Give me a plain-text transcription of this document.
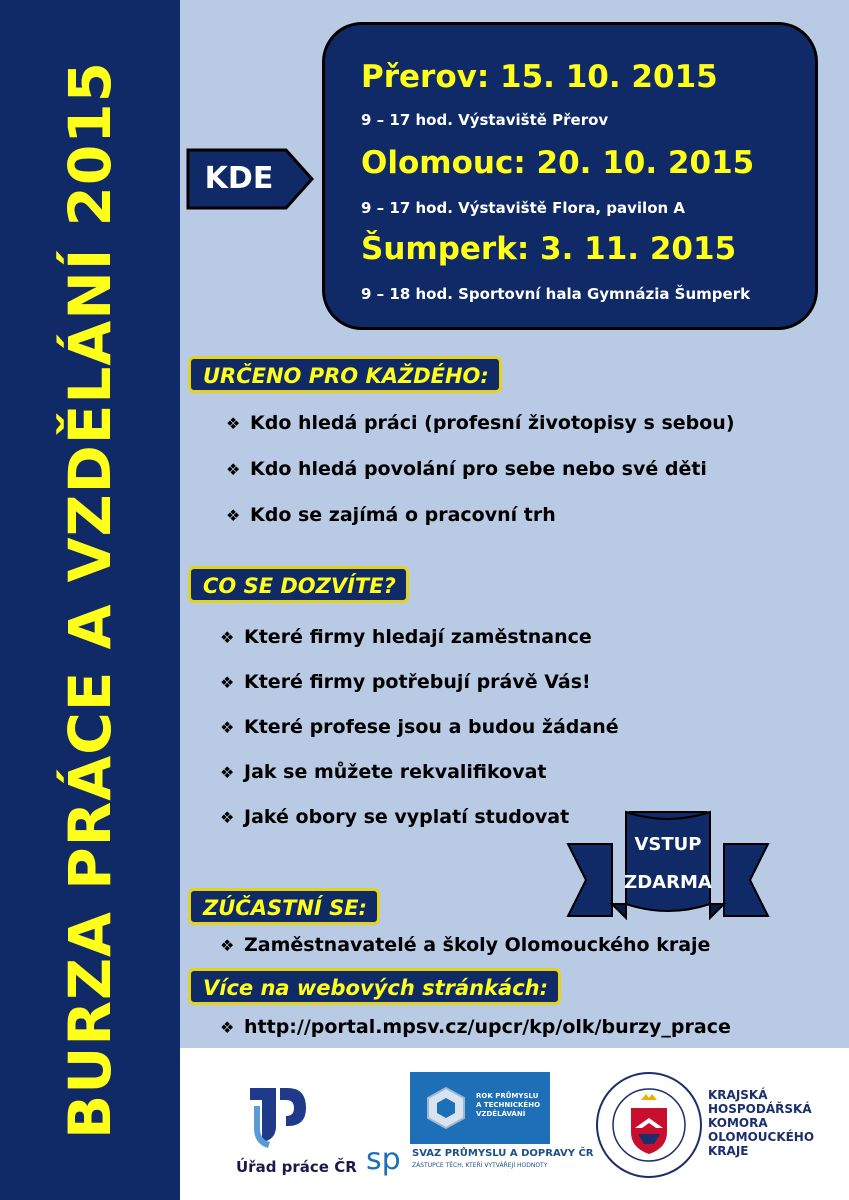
BURZA PRÁCE A VZDĚLÁNÍ 2015	KDE
Přerov: 15. 10. 2015
9 – 17 hod. Výstaviště Přerov
Olomouc: 20. 10. 2015
9 – 17 hod. Výstaviště Flora, pavilon A
Šumperk: 3. 11. 2015
9 – 18 hod. Sportovní hala Gymnázia Šumperk
URČENO PRO KAŽDÉHO:
❖ Kdo hledá práci (profesní životopisy s sebou)
❖ Kdo hledá povolání pro sebe nebo své děti
❖ Kdo se zajímá o pracovní trh
CO SE DOZVÍTE?
❖ Které firmy hledají zaměstnance
❖ Které firmy potřebují právě Vás!
❖ Které profese jsou a budou žádané
❖ Jak se můžete rekvalifikovat
❖ Jaké obory se vyplatí studovat
VSTUP
ZDARMA
ZÚČASTNÍ SE:
❖ Zaměstnavatelé a školy Olomouckého kraje
Více na webových stránkách:
❖ http://portal.mpsv.cz/upcr/kp/olk/burzy_prace
Úřad práce ČR
ROK PRŮMYSLU
A TECHNICKÉHO
VZDĚLÁVÁNÍ
sp SVAZ PRŮMYSLU A DOPRAVY ČR
ZÁSTUPCE TĚCH, KTEŘÍ VYTVÁŘEJÍ HODNOTY
KRAJSKÁ
HOSPODÁŘSKÁ
KOMORA
OLOMOUCKÉHO
KRAJE
